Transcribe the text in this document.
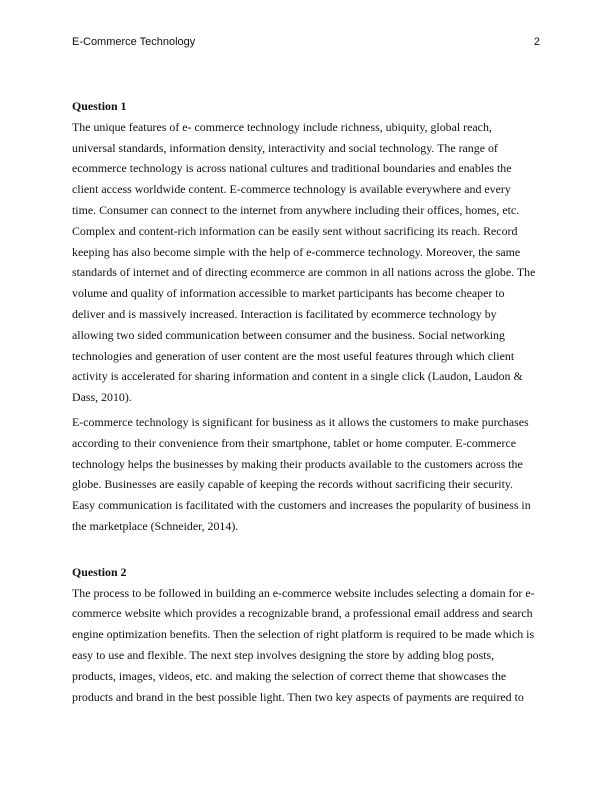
E-Commerce Technology	2

Question 1

The unique features of e- commerce technology include richness, ubiquity, global reach,
universal standards, information density, interactivity and social technology. The range of
ecommerce technology is across national cultures and traditional boundaries and enables the
client access worldwide content. E-commerce technology is available everywhere and every
time. Consumer can connect to the internet from anywhere including their offices, homes, etc.
Complex and content-rich information can be easily sent without sacrificing its reach. Record
keeping has also become simple with the help of e-commerce technology. Moreover, the same
standards of internet and of directing ecommerce are common in all nations across the globe. The
volume and quality of information accessible to market participants has become cheaper to
deliver and is massively increased. Interaction is facilitated by ecommerce technology by
allowing two sided communication between consumer and the business. Social networking
technologies and generation of user content are the most useful features through which client
activity is accelerated for sharing information and content in a single click (Laudon, Laudon &
Dass, 2010).
E-commerce technology is significant for business as it allows the customers to make purchases
according to their convenience from their smartphone, tablet or home computer. E-commerce
technology helps the businesses by making their products available to the customers across the
globe. Businesses are easily capable of keeping the records without sacrificing their security.
Easy communication is facilitated with the customers and increases the popularity of business in
the marketplace (Schneider, 2014).

Question 2

The process to be followed in building an e-commerce website includes selecting a domain for e-
commerce website which provides a recognizable brand, a professional email address and search
engine optimization benefits. Then the selection of right platform is required to be made which is
easy to use and flexible. The next step involves designing the store by adding blog posts,
products, images, videos, etc. and making the selection of correct theme that showcases the
products and brand in the best possible light. Then two key aspects of payments are required to
